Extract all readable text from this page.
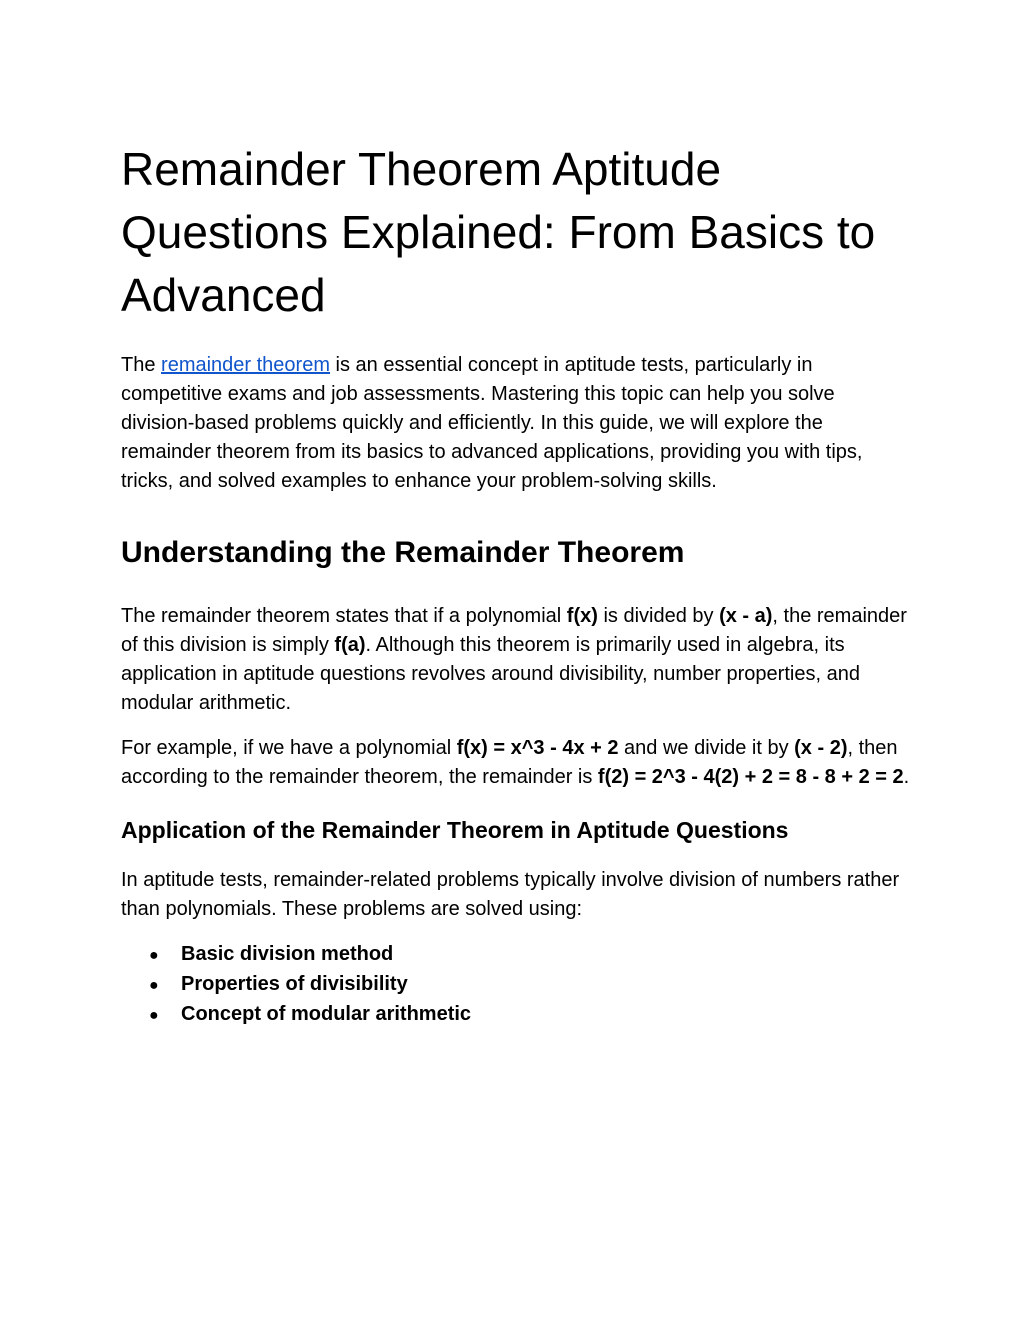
Remainder Theorem Aptitude Questions Explained: From Basics to Advanced

The remainder theorem is an essential concept in aptitude tests, particularly in competitive exams and job assessments. Mastering this topic can help you solve division-based problems quickly and efficiently. In this guide, we will explore the remainder theorem from its basics to advanced applications, providing you with tips, tricks, and solved examples to enhance your problem-solving skills.

Understanding the Remainder Theorem

The remainder theorem states that if a polynomial f(x) is divided by (x - a), the remainder of this division is simply f(a). Although this theorem is primarily used in algebra, its application in aptitude questions revolves around divisibility, number properties, and modular arithmetic.

For example, if we have a polynomial f(x) = x^3 - 4x + 2 and we divide it by (x - 2), then according to the remainder theorem, the remainder is f(2) = 2^3 - 4(2) + 2 = 8 - 8 + 2 = 2.

Application of the Remainder Theorem in Aptitude Questions

In aptitude tests, remainder-related problems typically involve division of numbers rather than polynomials. These problems are solved using:

●	Basic division method
●	Properties of divisibility
●	Concept of modular arithmetic
